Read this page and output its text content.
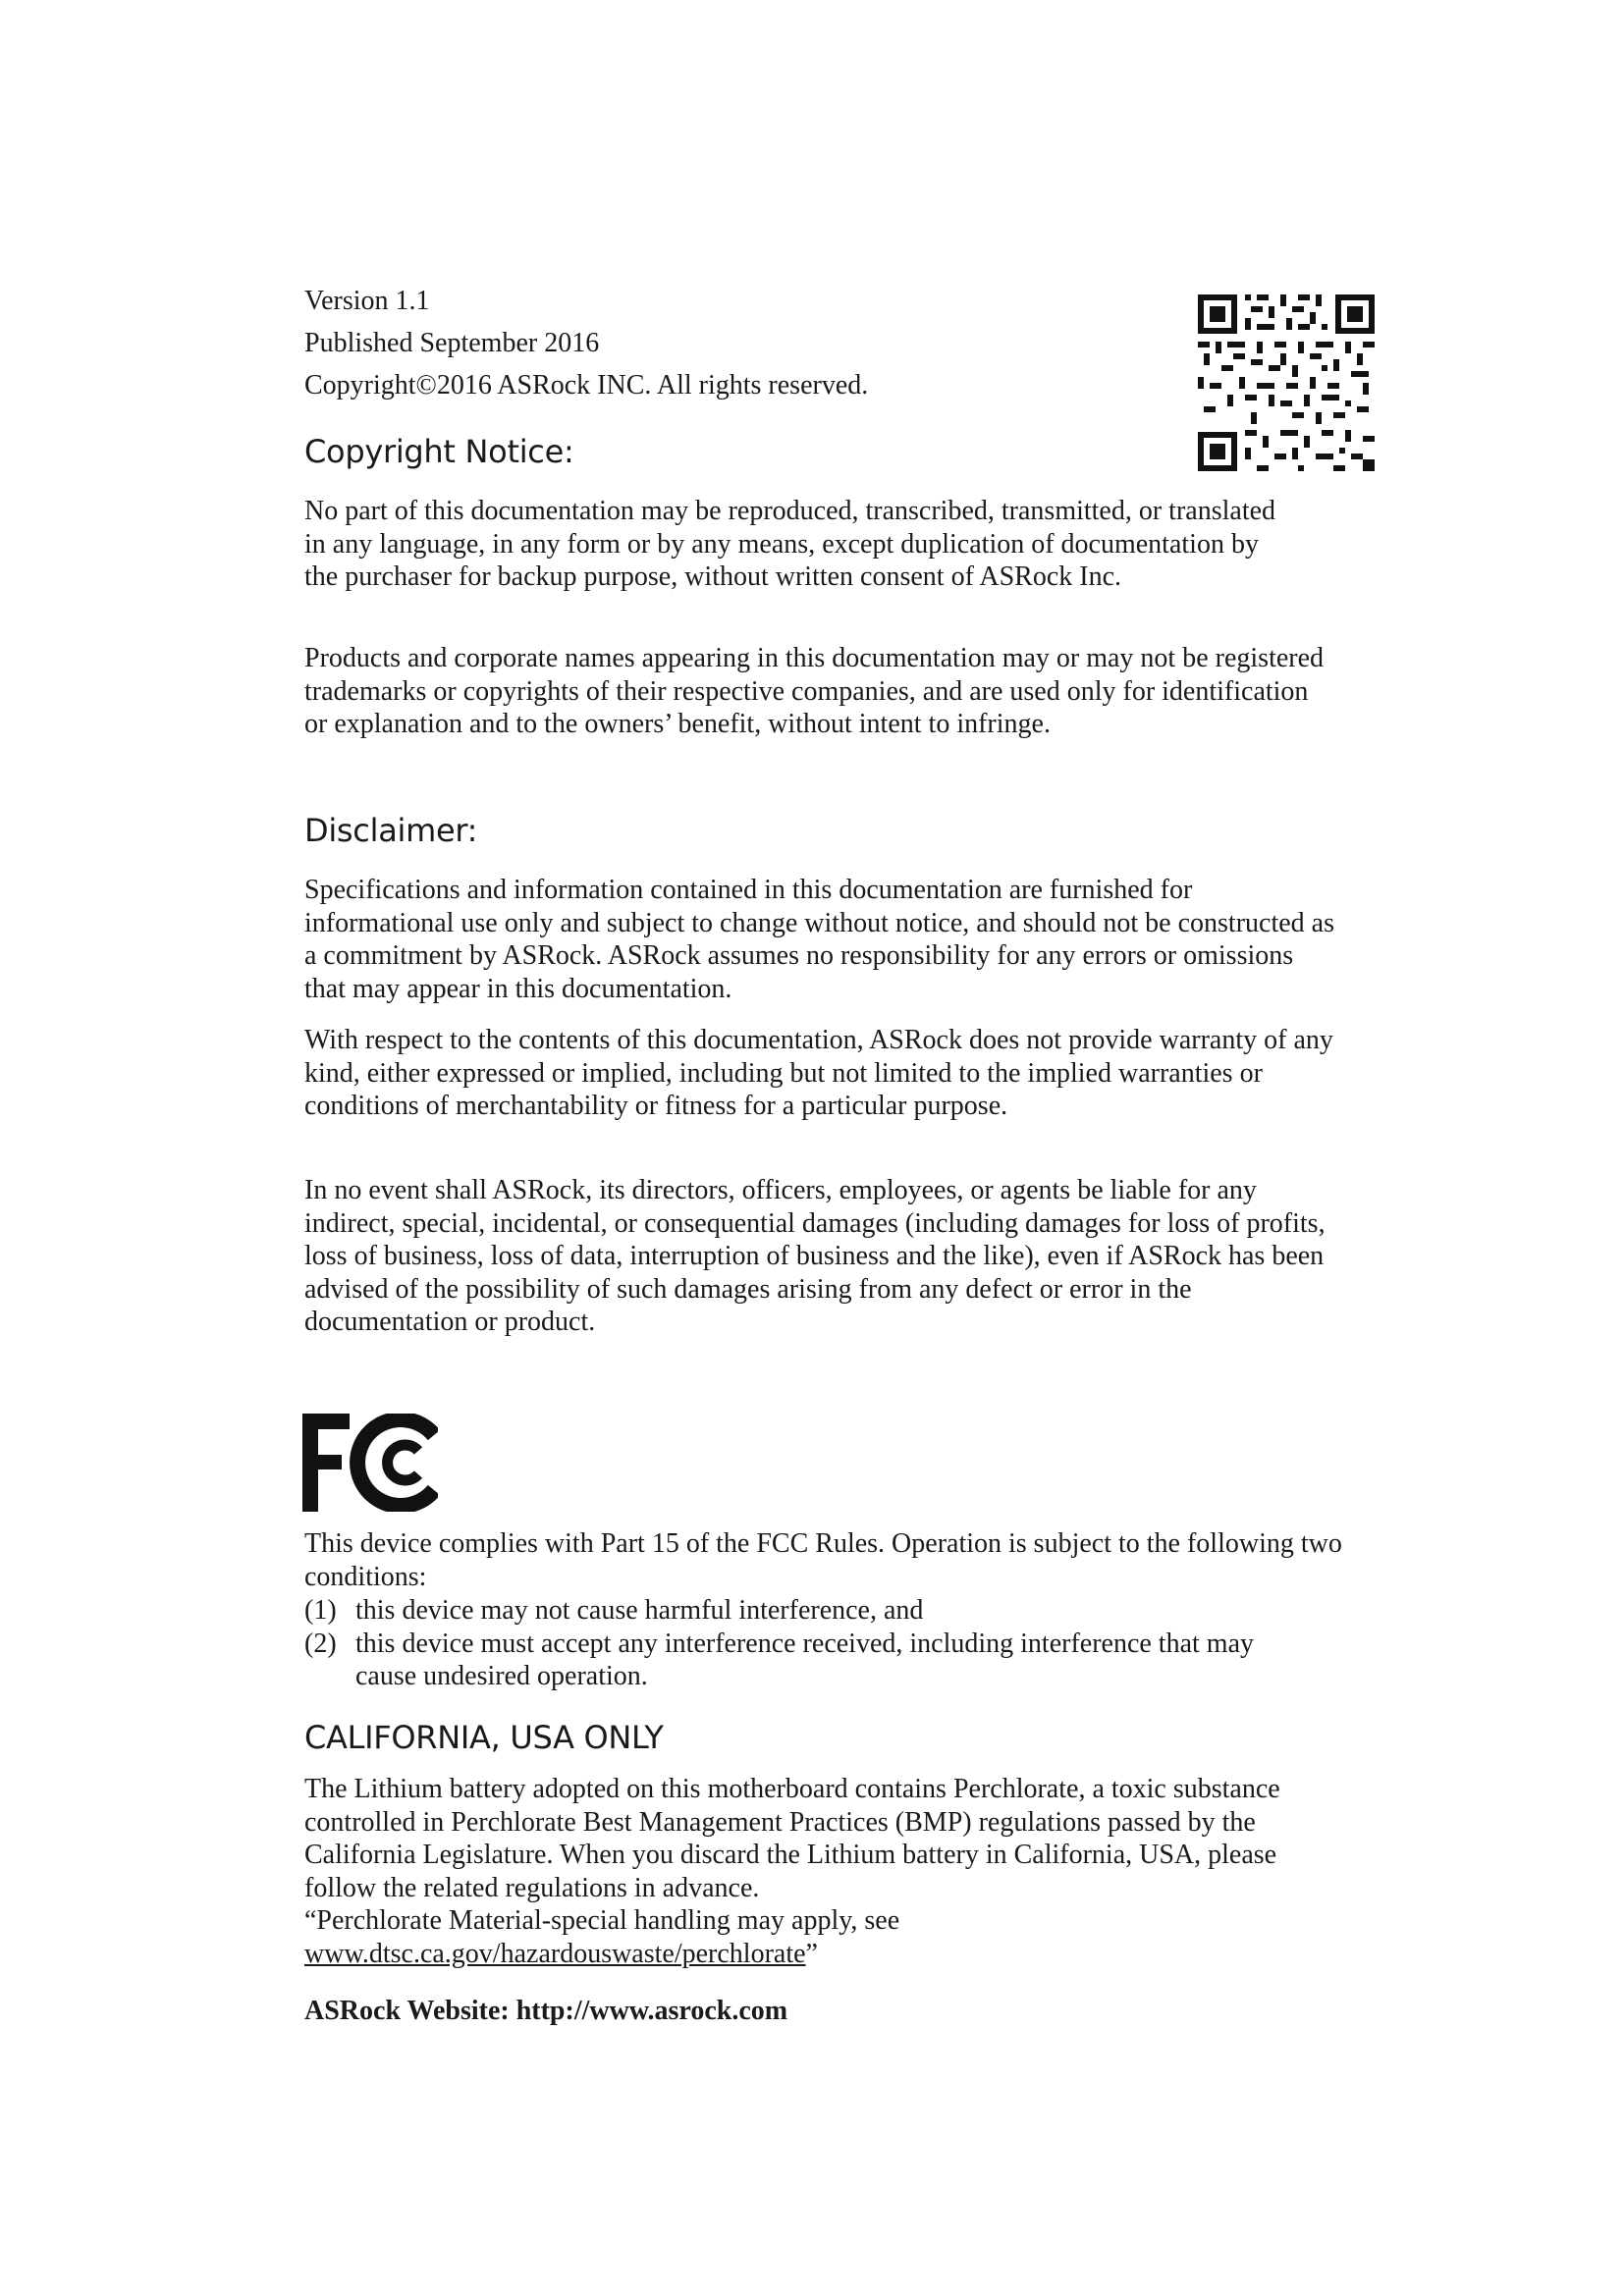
Version 1.1
Published September 2016
Copyright©2016 ASRock INC. All rights reserved.
Copyright Notice:

No part of this documentation may be reproduced, transcribed, transmitted, or translated in any language, in any form or by any means, except duplication of documentation by the purchaser for backup purpose, without written consent of ASRock Inc.

Products and corporate names appearing in this documentation may or may not be registered trademarks or copyrights of their respective companies, and are used only for identification or explanation and to the owners’ benefit, without intent to infringe.

Disclaimer:

Specifications and information contained in this documentation are furnished for informational use only and subject to change without notice, and should not be constructed as a commitment by ASRock. ASRock assumes no responsibility for any errors or omissions that may appear in this documentation.

With respect to the contents of this documentation, ASRock does not provide warranty of any kind, either expressed or implied, including but not limited to the implied warranties or conditions of merchantability or fitness for a particular purpose.

In no event shall ASRock, its directors, officers, employees, or agents be liable for any indirect, special, incidental, or consequential damages (including damages for loss of profits, loss of business, loss of data, interruption of business and the like), even if ASRock has been advised of the possibility of such damages arising from any defect or error in the documentation or product.

This device complies with Part 15 of the FCC Rules. Operation is subject to the following two conditions:

(1) this device may not cause harmful interference, and
(2) this device must accept any interference received, including interference that may cause undesired operation.
CALIFORNIA, USA ONLY

The Lithium battery adopted on this motherboard contains Perchlorate, a toxic substance controlled in Perchlorate Best Management Practices (BMP) regulations passed by the California Legislature. When you discard the Lithium battery in California, USA, please follow the related regulations in advance.

“Perchlorate Material-special handling may apply, see
www.dtsc.ca.gov/hazardouswaste/perchlorate”
ASRock Website: http://www.asrock.com
